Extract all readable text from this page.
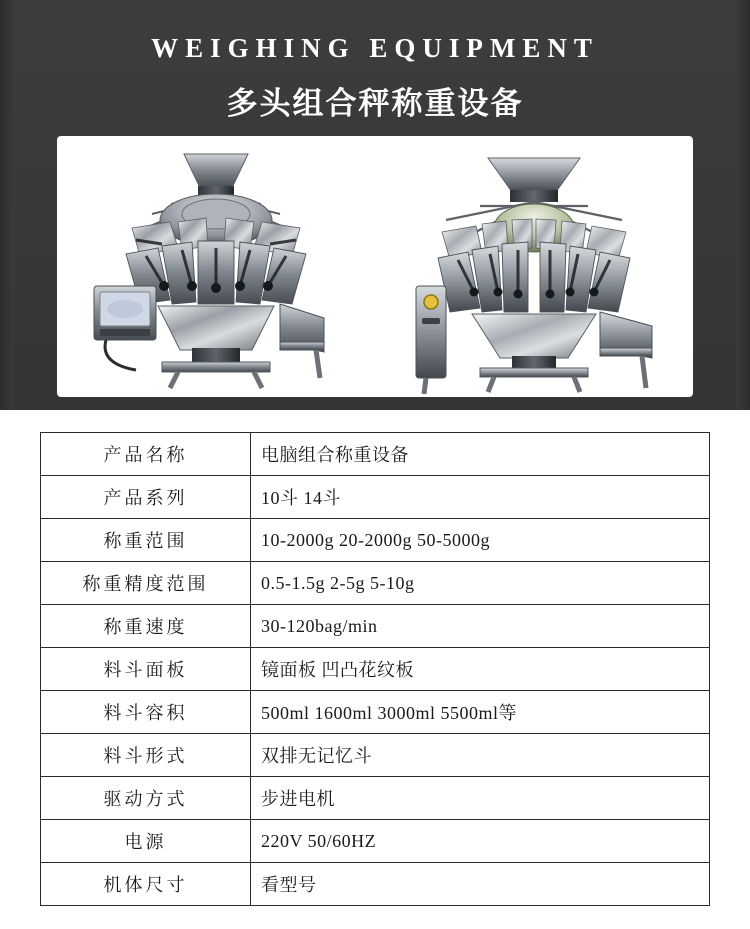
WEIGHING EQUIPMENT
多头组合秤称重设备
产品名称	电脑组合称重设备
产品系列	10斗 14斗
称重范围	10-2000g 20-2000g 50-5000g
称重精度范围	0.5-1.5g 2-5g 5-10g
称重速度	30-120bag/min
料斗面板	镜面板 凹凸花纹板
料斗容积	500ml 1600ml 3000ml 5500ml等
料斗形式	双排无记忆斗
驱动方式	步进电机
电源	220V 50/60HZ
机体尺寸	看型号
